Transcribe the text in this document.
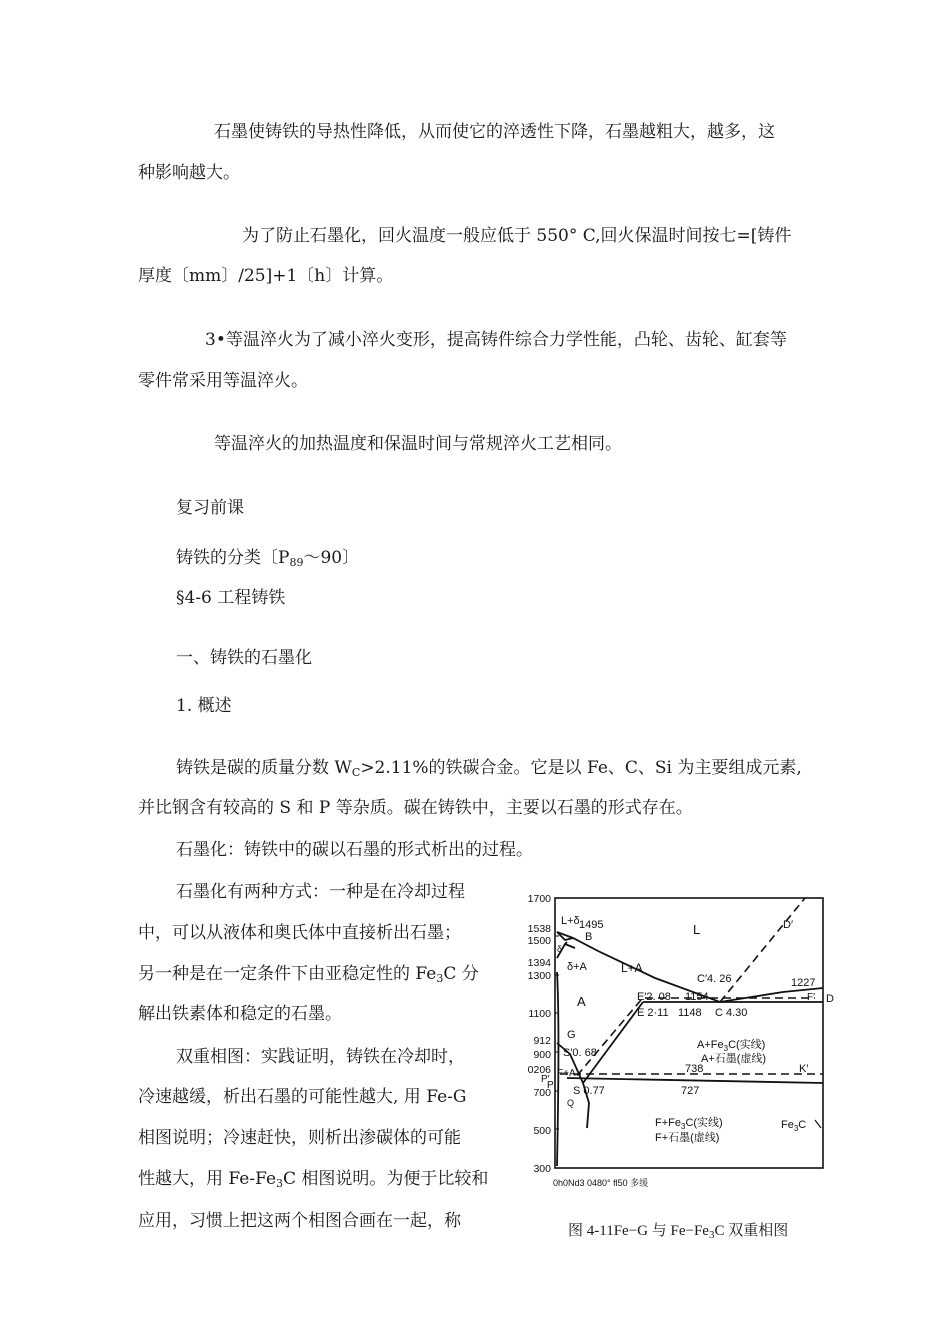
石墨使铸铁的导热性降低，从而使它的淬透性下降，石墨越粗大，越多，这
种影响越大。
为了防止石墨化，回火温度一般应低于 550° C,回火保温时间按七=[铸件
厚度〔mm〕/25]+1〔h〕计算。
3•等温淬火为了减小淬火变形，提高铸件综合力学性能，凸轮、齿轮、缸套等
零件常采用等温淬火。
等温淬火的加热温度和保温时间与常规淬火工艺相同。
复习前课
铸铁的分类〔$P_{89}$〜90〕
§4-6 工程铸铁
一、铸铁的石墨化
1. 概述
铸铁是碳的质量分数 $W_C>2.11\%$的铁碳合金。它是以 Fe、C、Si 为主要组成元素,
并比钢含有较高的 S 和 P 等杂质。碳在铸铁中，主要以石墨的形式存在。
石墨化：铸铁中的碳以石墨的形式析出的过程。
石墨化有两种方式：一种是在冷却过程
中，可以从液体和奥氏体中直接析出石墨；
另一种是在一定条件下由亚稳定性的 $Fe_3C$ 分
解出铁素体和稳定的石墨。
双重相图：实践证明，铸铁在冷却时，
冷速越缓，析出石墨的可能性越大, 用 Fe-G
相图说明；冷速赶快，则析出渗碳体的可能
性越大，用 $Fe-Fe_3C$ 相图说明。为便于比较和
应用，习惯上把这两个相图合画在一起，称
1700
1538
1500
1394
1300
1100
912
900
0206
700
500
300
L+δ 1495
B	L	D′
δ
δ+A	L+A
C′4. 26	1227
D
F′
A	E′2. 08 1154
E 2·11 1148 C 4.30
G
S′0. 68
$A+Fe_3C$(实线)
A+石墨(虚线)
P′
F+A	738	K′
P S 0.77	727
Q
$F+Fe_3C$(实线)
F+石墨(虚线)
$Fe_3C$
0h0Nd3 0480° fl50 多缓
图 4-11Fe−G 与 $Fe-Fe_3C$ 双重相图
